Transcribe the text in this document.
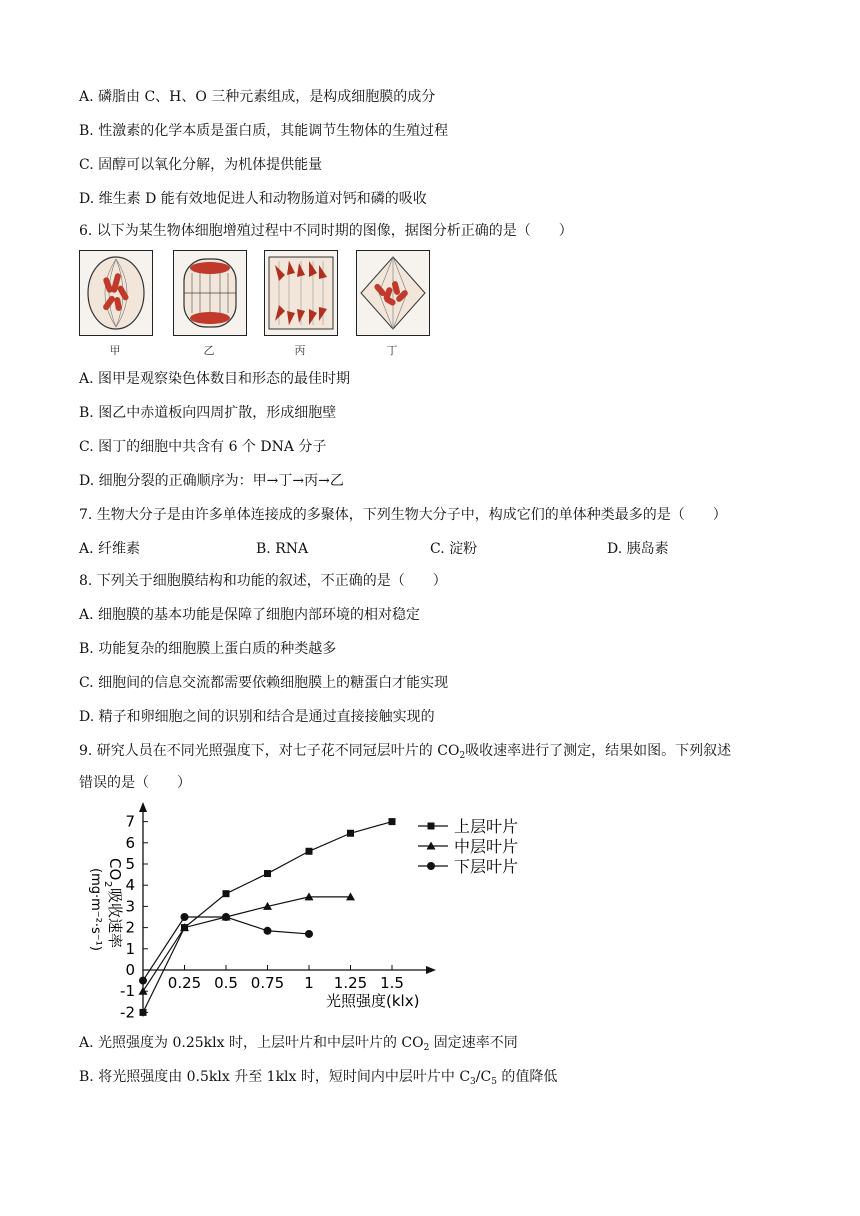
A. 磷脂由 C、H、O 三种元素组成，是构成细胞膜的成分
B. 性激素的化学本质是蛋白质，其能调节生物体的生殖过程
C. 固醇可以氧化分解，为机体提供能量
D. 维生素 D 能有效地促进人和动物肠道对钙和磷的吸收
6. 以下为某生物体细胞增殖过程中不同时期的图像，据图分析正确的是（　　）
甲	乙	丙	丁
A. 图甲是观察染色体数目和形态的最佳时期
B. 图乙中赤道板向四周扩散，形成细胞壁
C. 图丁的细胞中共含有 6 个 DNA 分子
D. 细胞分裂的正确顺序为：甲→丁→丙→乙
7. 生物大分子是由许多单体连接成的多聚体，下列生物大分子中，构成它们的单体种类最多的是（　　）
A. 纤维素	B. RNA	C. 淀粉	D. 胰岛素
8. 下列关于细胞膜结构和功能的叙述，不正确的是（　　）
A. 细胞膜的基本功能是保障了细胞内部环境的相对稳定
B. 功能复杂的细胞膜上蛋白质的种类越多
C. 细胞间的信息交流都需要依赖细胞膜上的糖蛋白才能实现
D. 精子和卵细胞之间的识别和结合是通过直接接触实现的
9. 研究人员在不同光照强度下，对七子花不同冠层叶片的 $CO_2$吸收速率进行了测定，结果如图。下列叙述
错误的是（　　）
-2
-1
0
1
2
3
4
5
6
7
0.25 0.5 0.75 1 1.25 1.5
上层叶片
中层叶片
下层叶片
CO
2
吸收速率
(mg·m⁻²·s⁻¹)
光照强度(klx)
A. 光照强度为 0.25klx 时，上层叶片和中层叶片的 $CO_2$ 固定速率不同
B. 将光照强度由 0.5klx 升至 1klx 时，短时间内中层叶片中 $C_3/C_5$ 的值降低
